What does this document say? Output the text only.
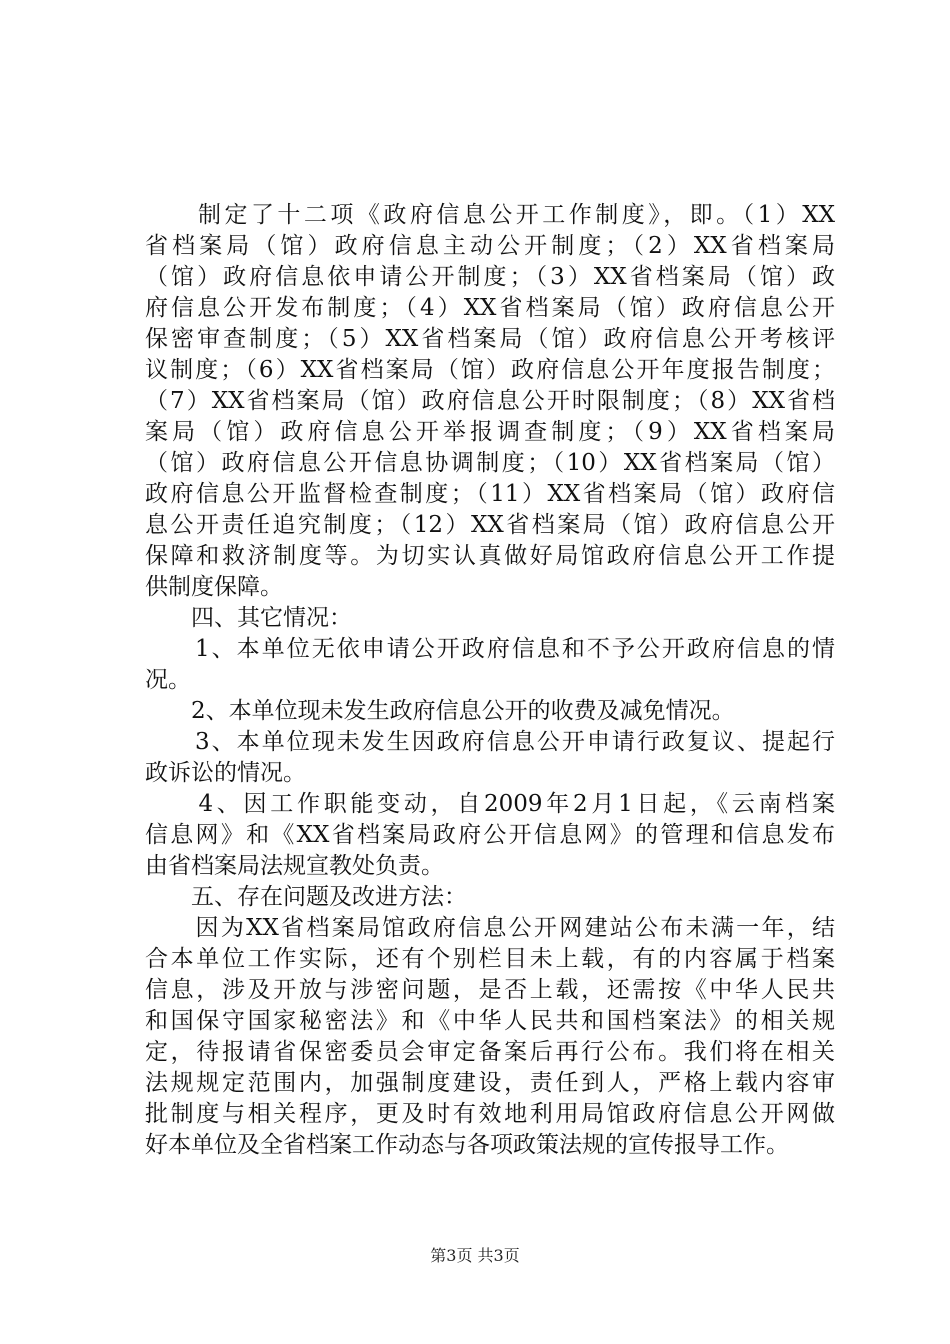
　　制定了十二项《政府信息公开工作制度》，即。（1）XX
省档案局（馆）政府信息主动公开制度；（2）XX省档案局
（馆）政府信息依申请公开制度；（3）XX省档案局（馆）政
府信息公开发布制度；（4）XX省档案局（馆）政府信息公开
保密审查制度；（5）XX省档案局（馆）政府信息公开考核评
议制度；（6）XX省档案局（馆）政府信息公开年度报告制度；
（7）XX省档案局（馆）政府信息公开时限制度；（8）XX省档
案局（馆）政府信息公开举报调查制度；（9）XX省档案局
（馆）政府信息公开信息协调制度；（10）XX省档案局（馆）
政府信息公开监督检查制度；（11）XX省档案局（馆）政府信
息公开责任追究制度；（12）XX省档案局（馆）政府信息公开
保障和救济制度等。为切实认真做好局馆政府信息公开工作提
供制度保障。
　　四、其它情况：
　　1、本单位无依申请公开政府信息和不予公开政府信息的情
况。
　　2、本单位现未发生政府信息公开的收费及减免情况。
　　3、本单位现未发生因政府信息公开申请行政复议、提起行
政诉讼的情况。
　　4、因工作职能变动，自2009年2月1日起，《云南档案
信息网》和《XX省档案局政府公开信息网》的管理和信息发布
由省档案局法规宣教处负责。
　　五、存在问题及改进方法：
　　因为XX省档案局馆政府信息公开网建站公布未满一年，结
合本单位工作实际，还有个别栏目未上载，有的内容属于档案
信息，涉及开放与涉密问题，是否上载，还需按《中华人民共
和国保守国家秘密法》和《中华人民共和国档案法》的相关规
定，待报请省保密委员会审定备案后再行公布。我们将在相关
法规规定范围内，加强制度建设，责任到人，严格上载内容审
批制度与相关程序，更及时有效地利用局馆政府信息公开网做
好本单位及全省档案工作动态与各项政策法规的宣传报导工作。
第3页 共3页
